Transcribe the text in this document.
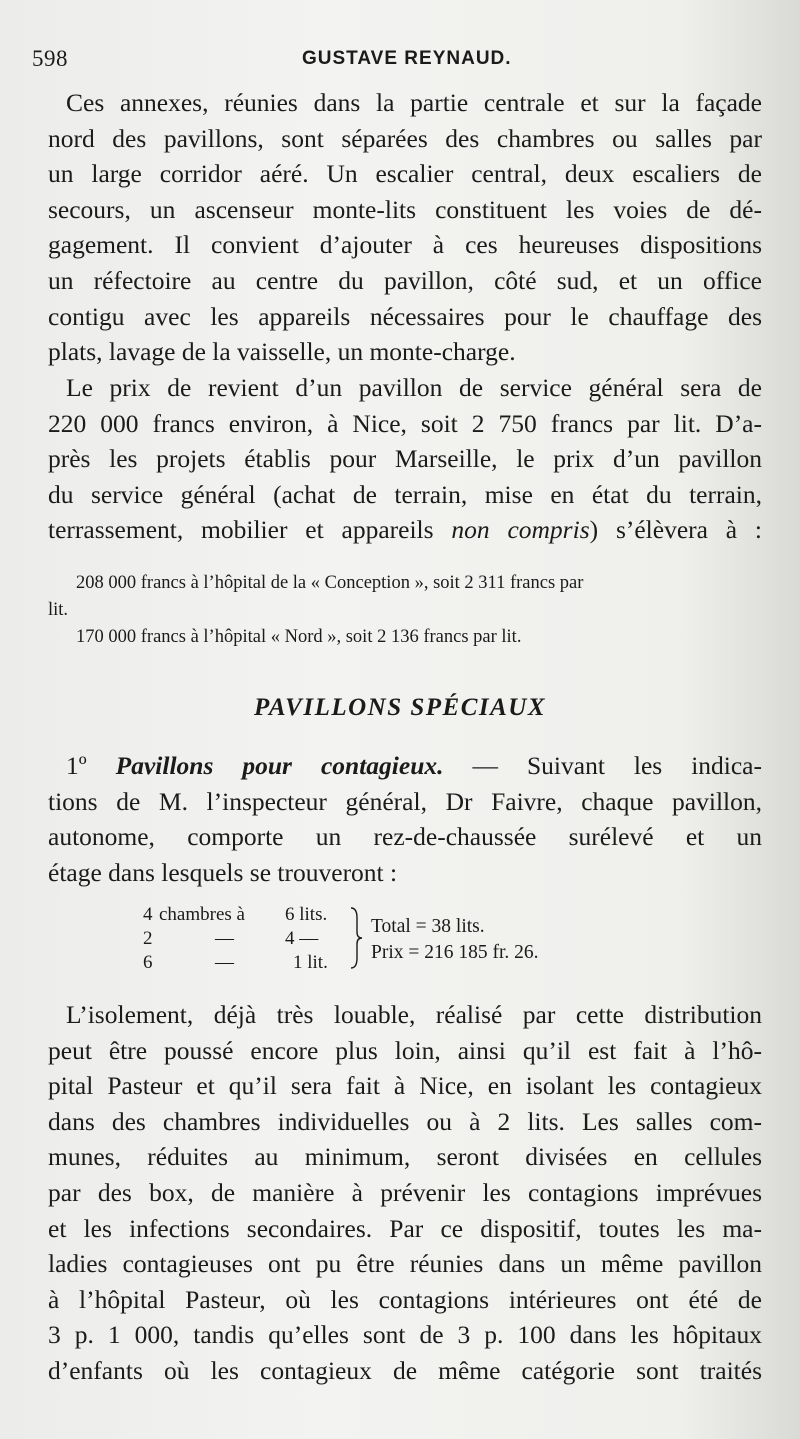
598	GUSTAVE REYNAUD.
Ces annexes, réunies dans la partie centrale et sur la façade
nord des pavillons, sont séparées des chambres ou salles par
un large corridor aéré. Un escalier central, deux escaliers de
secours, un ascenseur monte-lits constituent les voies de dé-
gagement. Il convient d’ajouter à ces heureuses dispositions
un réfectoire au centre du pavillon, côté sud, et un office
contigu avec les appareils nécessaires pour le chauffage des
plats, lavage de la vaisselle, un monte-charge.
Le prix de revient d’un pavillon de service général sera de
220 000 francs environ, à Nice, soit 2 750 francs par lit. D’a-
près les projets établis pour Marseille, le prix d’un pavillon
du service général (achat de terrain, mise en état du terrain,
terrassement, mobilier et appareils non compris) s’élèvera à :
208 000 francs à l’hôpital de la « Conception », soit 2 311 francs par
lit.
170 000 francs à l’hôpital « Nord », soit 2 136 francs par lit.
PAVILLONS SPÉCIAUX
1º Pavillons pour contagieux. — Suivant les indica-
tions de M. l’inspecteur général, Dr Faivre, chaque pavillon,
autonome, comporte un rez-de-chaussée surélevé et un
étage dans lesquels se trouveront :
4 chambres à 6 lits.
2	—	4 —
6	—	1 lit.
Total = 38 lits.
Prix = 216 185 fr. 26.
L’isolement, déjà très louable, réalisé par cette distribution
peut être poussé encore plus loin, ainsi qu’il est fait à l’hô-
pital Pasteur et qu’il sera fait à Nice, en isolant les contagieux
dans des chambres individuelles ou à 2 lits. Les salles com-
munes, réduites au minimum, seront divisées en cellules
par des box, de manière à prévenir les contagions imprévues
et les infections secondaires. Par ce dispositif, toutes les ma-
ladies contagieuses ont pu être réunies dans un même pavillon
à l’hôpital Pasteur, où les contagions intérieures ont été de
3 p. 1 000, tandis qu’elles sont de 3 p. 100 dans les hôpitaux
d’enfants où les contagieux de même catégorie sont traités
